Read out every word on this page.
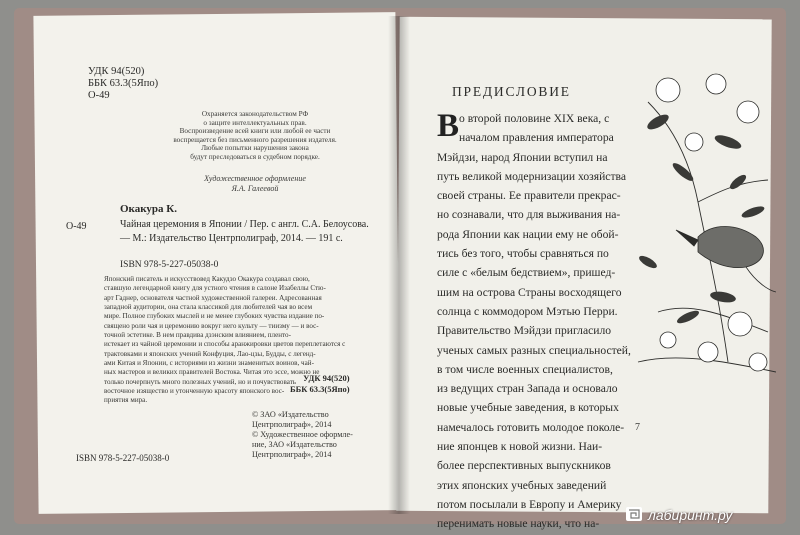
УДК 94(520)
ББК 63.3(5Япо)
O-49
Охраняется законодательством РФ
о защите интеллектуальных прав.
Воспроизведение всей книги или любой ее части
воспрещается без письменного разрешения издателя.
Любые попытки нарушения закона
будут преследоваться в судебном порядке.
Художественное оформление
Я.А. Галеевой
Окакура К.
O-49	Чайная церемония в Японии / Пер. с англ. С.А. Белоусова. — М.: Издательство Центрполиграф, 2014. — 191 с.
ISBN 978-5-227-05038-0
Японский писатель и искусствовед Какудзо Окакура создавал свою,
ставшую легендарной книгу для устного чтения в салоне Изабеллы Стю-
арт Гаднер, основателя частной художественной галереи. Адресованная
западной аудитории, она стала классикой для любителей чая во всем
мире. Полное глубоких мыслей и не менее глубоких чувства издание по-
священо роли чая и церемонию вокруг него культу — тиизму — и вос-
точной эстетике. В нем правдива дзэнским влиянием, пленто-
истекает из чайной церемонии и способы аранжировки цветов переплетаются с
трактовками и японских учений Конфуция, Лао-цзы, Будды, с легенд-
ами Китая и Японии, с историями из жизни знаменитых воинов, чай-
ных мастеров и великих правителей Востока. Читая это эссе, можно не
только почерпнуть много полезных учений, но и почувствовать
восточное изящество и утонченную красоту японского вос-
приятия мира.
УДК 94(520)
ББК 63.3(5Япо)
© ЗАО «Издательство
Центрполиграф», 2014
© Художественное оформле-
ние, ЗАО «Издательство
Центрполиграф», 2014
ISBN 978-5-227-05038-0
ПРЕДИСЛОВИЕ
о второй половине XIX века, с
началом правления императора
Мэйдзи, народ Японии вступил на
путь великой модернизации хозяйства
своей страны. Ее правители прекрас-
но сознавали, что для выживания на-
рода Японии как нации ему не обой-
тись без того, чтобы сравняться по
силе с «белым бедствием», пришед-
шим на острова Страны восходящего
солнца с коммодором Мэтью Перри.
Правительство Мэйдзи пригласило
ученых самых разных специальностей,
в том числе военных специалистов,
из ведущих стран Запада и основало
новые учебные заведения, в которых
намечалось готовить молодое поколе-
ние японцев к новой жизни. Наи-
более перспективных выпускников
этих японских учебных заведений
потом посылали в Европу и Америку
перенимать новые науки, что на-
В
7
лабиринт.ру
